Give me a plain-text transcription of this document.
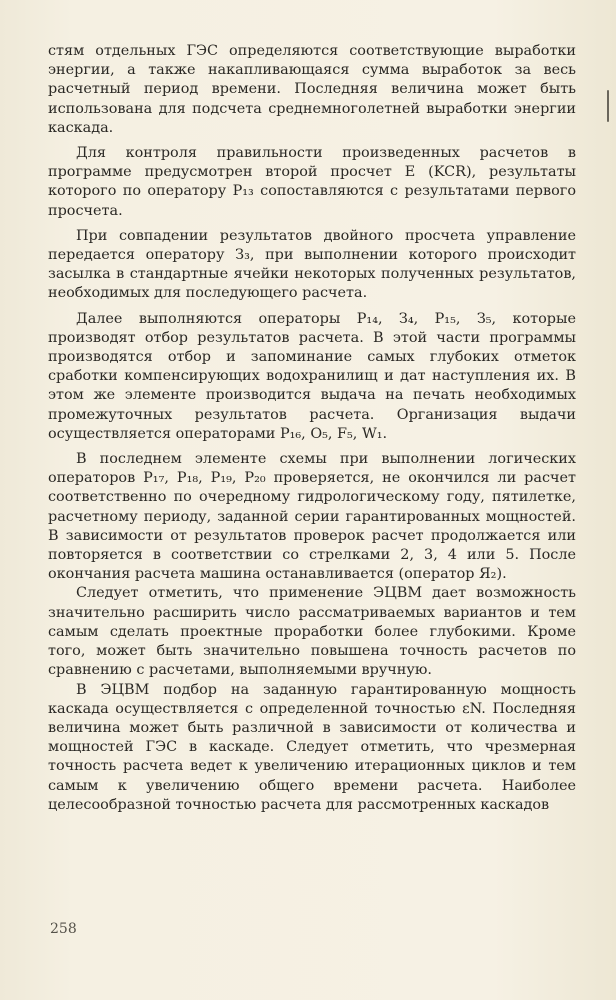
стям отдельных ГЭС определяются соответствующие выработки энергии, а также накапливающаяся сумма выработок за весь расчетный период времени. Последняя величина может быть использована для подсчета среднемноголетней выработки энергии каскада.

Для контроля правильности произведенных расчетов в программе предусмотрен второй просчет E (KCR), результаты которого по оператору P₁₃ сопоставляются с результатами первого просчета.

При совпадении результатов двойного просчета управление передается оператору З₃, при выполнении которого происходит засылка в стандартные ячейки некоторых полученных результатов, необходимых для последующего расчета.

Далее выполняются операторы P₁₄, З₄, P₁₅, З₅, которые производят отбор результатов расчета. В этой части программы производятся отбор и запоминание самых глубоких отметок сработки компенсирующих водохранилищ и дат наступления их. В этом же элементе производится выдача на печать необходимых промежуточных результатов расчета. Организация выдачи осуществляется операторами P₁₆, O₅, F₅, W₁.

В последнем элементе схемы при выполнении логических операторов P₁₇, P₁₈, P₁₉, P₂₀ проверяется, не окончился ли расчет соответственно по очередному гидрологическому году, пятилетке, расчетному периоду, заданной серии гарантированных мощностей. В зависимости от результатов проверок расчет продолжается или повторяется в соответствии со стрелками 2, 3, 4 или 5. После окончания расчета машина останавливается (оператор Я₂).

Следует отметить, что применение ЭЦВМ дает возможность значительно расширить число рассматриваемых вариантов и тем самым сделать проектные проработки более глубокими. Кроме того, может быть значительно повышена точность расчетов по сравнению с расчетами, выполняемыми вручную.

В ЭЦВМ подбор на заданную гарантированную мощность каскада осуществляется с определенной точностью εN. Последняя величина может быть различной в зависимости от количества и мощностей ГЭС в каскаде. Следует отметить, что чрезмерная точность расчета ведет к увеличению итерационных циклов и тем самым к увеличению общего времени расчета. Наиболее целесообразной точностью расчета для рассмотренных каскадов

258
